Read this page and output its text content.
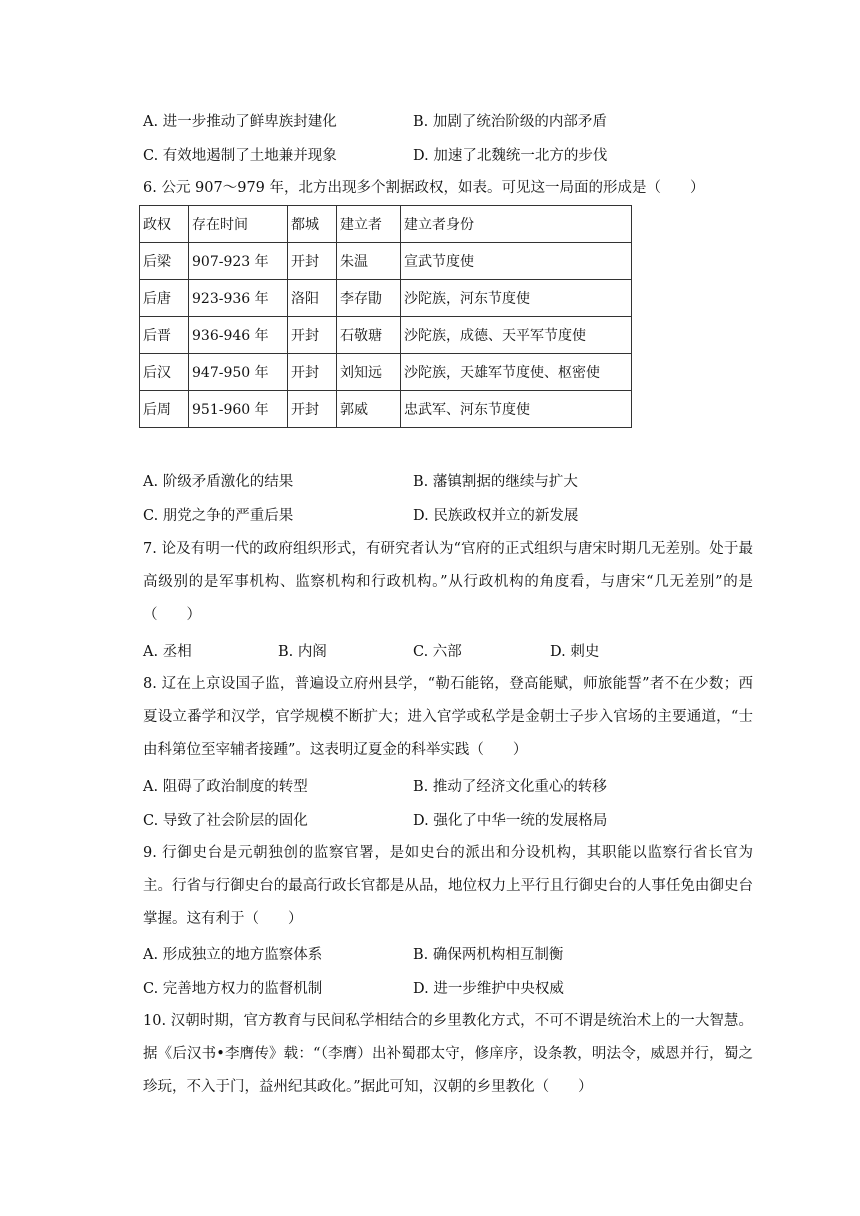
A. 进一步推动了鲜卑族封建化	B. 加剧了统治阶级的内部矛盾
C. 有效地遏制了土地兼并现象	D. 加速了北魏统一北方的步伐
6. 公元 907～979 年，北方出现多个割据政权，如表。可见这一局面的形成是（　　）
政权	存在时间	都城	建立者	建立者身份
后梁	907-923 年	开封	朱温	宣武节度使
后唐	923-936 年	洛阳	李存勖	沙陀族，河东节度使
后晋	936-946 年	开封	石敬瑭	沙陀族，成德、天平军节度使
后汉	947-950 年	开封	刘知远	沙陀族，天雄军节度使、枢密使
后周	951-960 年	开封	郭威	忠武军、河东节度使
A. 阶级矛盾激化的结果	B. 藩镇割据的继续与扩大
C. 朋党之争的严重后果	D. 民族政权并立的新发展
7. 论及有明一代的政府组织形式，有研究者认为“官府的正式组织与唐宋时期几无差别。处于最高级别的是军事机构、监察机构和行政机构。”从行政机构的角度看，与唐宋“几无差别”的是（　　）
A. 丞相	B. 内阁	C. 六部	D. 刺史
8. 辽在上京设国子监，普遍设立府州县学，“勒石能铭，登高能赋，师旅能誓”者不在少数；西夏设立番学和汉学，官学规模不断扩大；进入官学或私学是金朝士子步入官场的主要通道，“士由科第位至宰辅者接踵”。这表明辽夏金的科举实践（　　）
A. 阻碍了政治制度的转型	B. 推动了经济文化重心的转移
C. 导致了社会阶层的固化	D. 强化了中华一统的发展格局
9. 行御史台是元朝独创的监察官署，是如史台的派出和分设机构，其职能以监察行省长官为主。行省与行御史台的最高行政长官都是从品，地位权力上平行且行御史台的人事任免由御史台掌握。这有利于（　　）
A. 形成独立的地方监察体系	B. 确保两机构相互制衡
C. 完善地方权力的监督机制	D. 进一步维护中央权威
10. 汉朝时期，官方教育与民间私学相结合的乡里教化方式，不可不谓是统治术上的一大智慧。据《后汉书•李膺传》载：“（李膺）出补蜀郡太守，修庠序，设条教，明法令，威恩并行，蜀之珍玩，不入于门，益州纪其政化。”据此可知，汉朝的乡里教化（　　）
